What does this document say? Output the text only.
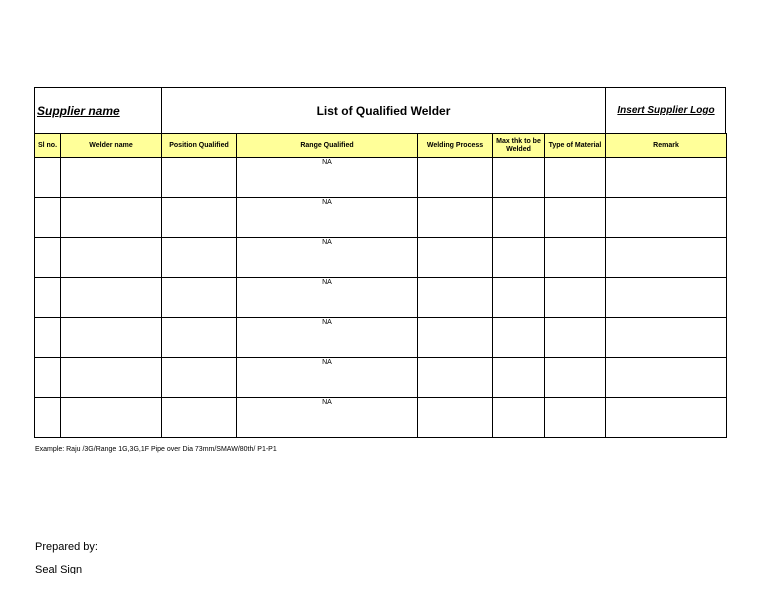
Supplier name	List of Qualified Welder	Insert Supplier Logo
Sl no.	Welder name	Position Qualified	Range Qualified	Welding Process	Max thk to be Welded	Type of Material	Remark
			NA				
			NA				
			NA				
			NA				
			NA				
			NA				
			NA				
Example: Raju /3G/Range 1G,3G,1F Pipe over Dia 73mm/SMAW/80th/ P1-P1
Prepared by:
Seal Sign
